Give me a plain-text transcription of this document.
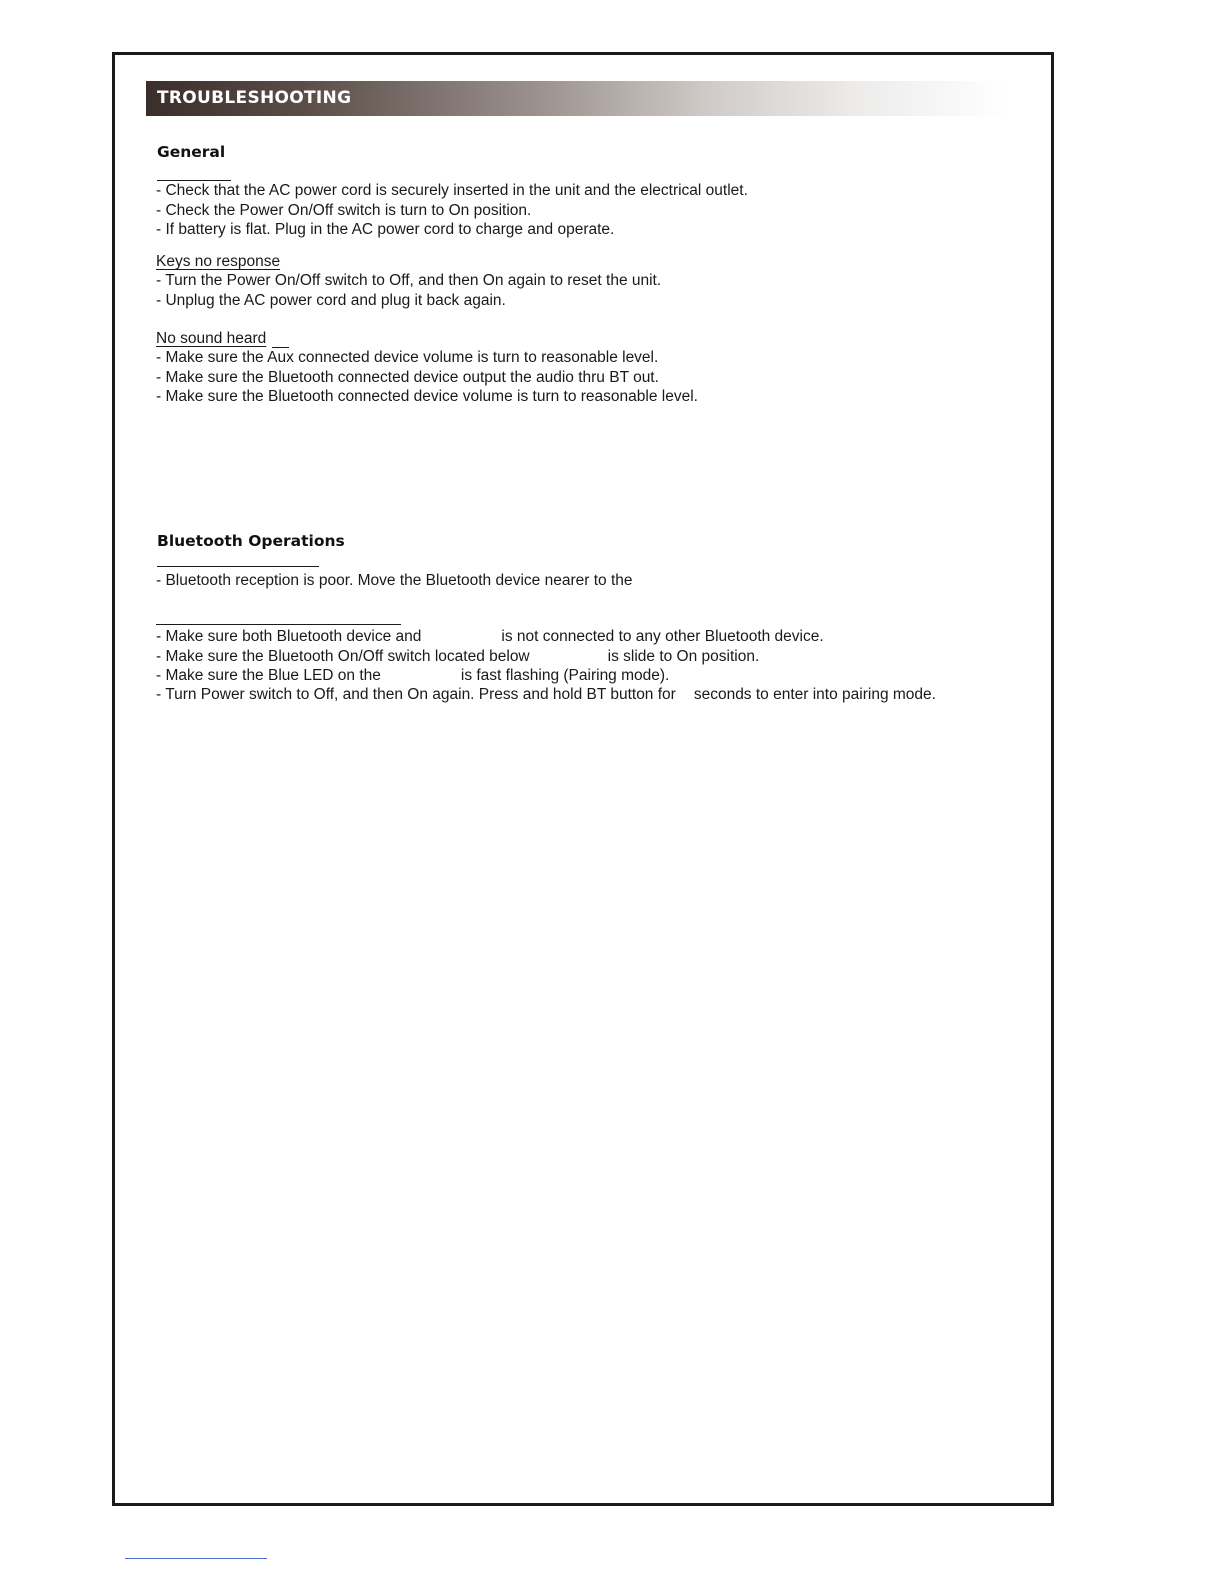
TROUBLESHOOTING
General
- Check that the AC power cord is securely inserted in the unit and the electrical outlet.
- Check the Power On/Off switch is turn to On position.
- If battery is flat. Plug in the AC power cord to charge and operate.
Keys no response
- Turn the Power On/Off switch to Off, and then On again to reset the unit.
- Unplug the AC power cord and plug it back again.
No sound heard
- Make sure the Aux connected device volume is turn to reasonable level.
- Make sure the Bluetooth connected device output the audio thru BT out.
- Make sure the Bluetooth connected device volume is turn to reasonable level.
Bluetooth Operations
- Bluetooth reception is poor. Move the Bluetooth device nearer to the
- Make sure both Bluetooth device and	is not connected to any other Bluetooth device.
- Make sure the Bluetooth On/Off switch located below	is slide to On position.
- Make sure the Blue LED on the	is fast flashing (Pairing mode).
- Turn Power switch to Off, and then On again. Press and hold BT button for seconds to enter into pairing mode.
